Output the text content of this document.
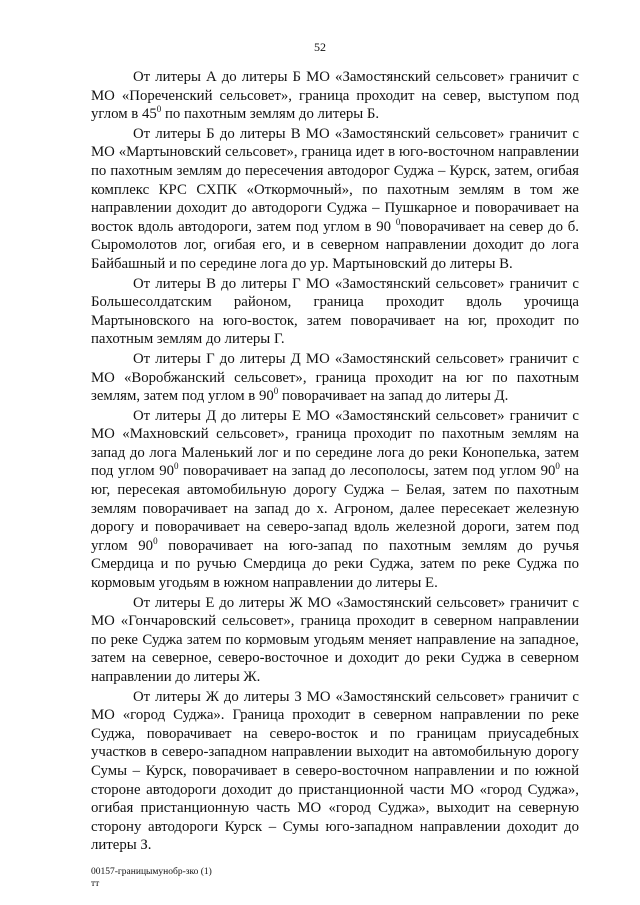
52

От литеры А до литеры Б МО «Замостянский сельсовет» граничит с МО «Пореченский сельсовет», граница проходит на север, выступом под углом в $45^0$ по пахотным землям до литеры Б.

От литеры Б до литеры В МО «Замостянский сельсовет» граничит с МО «Мартыновский сельсовет», граница идет в юго-восточном направлении по пахотным землям до пересечения автодорог Суджа – Курск, затем, огибая комплекс КРС СХПК «Откормочный», по пахотным землям в том же направлении доходит до автодороги Суджа – Пушкарное и поворачивает на восток вдоль автодороги, затем под углом в 90 $^0$поворачивает на север до б. Сыромолотов лог, огибая его, и в северном направлении доходит до лога Байбашный и по середине лога до ур. Мартыновский до литеры В.

От литеры В до литеры Г МО «Замостянский сельсовет» граничит с Большесолдатским районом, граница проходит вдоль урочища Мартыновского на юго-восток, затем поворачивает на юг, проходит по пахотным землям до литеры Г.

От литеры Г до литеры Д МО «Замостянский сельсовет» граничит с МО «Воробжанский сельсовет», граница проходит на юг по пахотным землям, затем под углом в $90^0$ поворачивает на запад до литеры Д.

От литеры Д до литеры Е МО «Замостянский сельсовет» граничит с МО «Махновский сельсовет», граница проходит по пахотным землям на запад до лога Маленький лог и по середине лога до реки Конопелька, затем под углом $90^0$ поворачивает на запад до лесополосы, затем под углом $90^0$ на юг, пересекая автомобильную дорогу Суджа – Белая, затем по пахотным землям поворачивает на запад до х. Агроном, далее пересекает железную дорогу и поворачивает на северо-запад вдоль железной дороги, затем под углом $90^0$ поворачивает на юго-запад по пахотным землям до ручья Смердица и по ручью Смердица до реки Суджа, затем по реке Суджа по кормовым угодьям в южном направлении до литеры Е.

От литеры Е до литеры Ж МО «Замостянский сельсовет» граничит с МО «Гончаровский сельсовет», граница проходит в северном направлении по реке Суджа затем по кормовым угодьям меняет направление на западное, затем на северное, северо-восточное и доходит до реки Суджа в северном направлении до литеры Ж.

От литеры Ж до литеры З МО «Замостянский сельсовет» граничит с МО «город Суджа». Граница проходит в северном направлении по реке Суджа, поворачивает на северо-восток и по границам приусадебных участков в северо-западном направлении выходит на автомобильную дорогу Сумы – Курск, поворачивает в северо-восточном направлении и по южной стороне автодороги доходит до пристанционной части МО «город Суджа», огибая пристанционную часть МО «город Суджа», выходит на северную сторону автодороги Курск – Сумы юго-западном направлении доходит до литеры З.

00157-границымунобр-зко (1)
тт
